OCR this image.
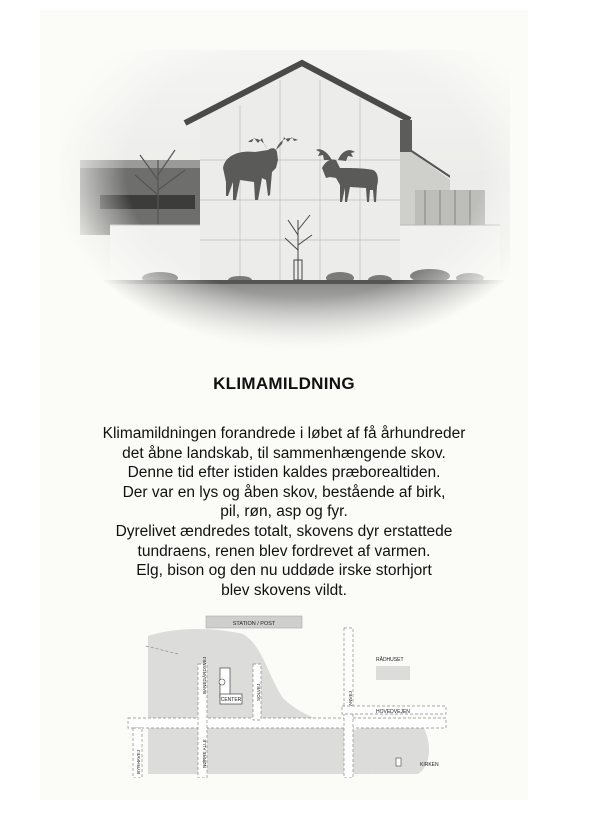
KLIMAMILDNING
Klimamildningen forandrede i løbet af få århundreder
det åbne landskab, til sammenhængende skov.
Denne tid efter istiden kaldes præborealtiden.
Der var en lys og åben skov, bestående af birk,
pil, røn, asp og fyr.
Dyrelivet ændredes totalt, skovens dyr erstattede
tundraens, renen blev fordrevet af varmen.
Elg, bison og den nu uddøde irske storhjort
blev skovens vildt.
STATION / POST
CENTER
RÅDHUSET
BANEGÅRDSVEJ	SOLVEJ	ANVEJ
HOVEDVEJEN
BYRHAVEJ	NØRRE ALLE	KIRKEN
